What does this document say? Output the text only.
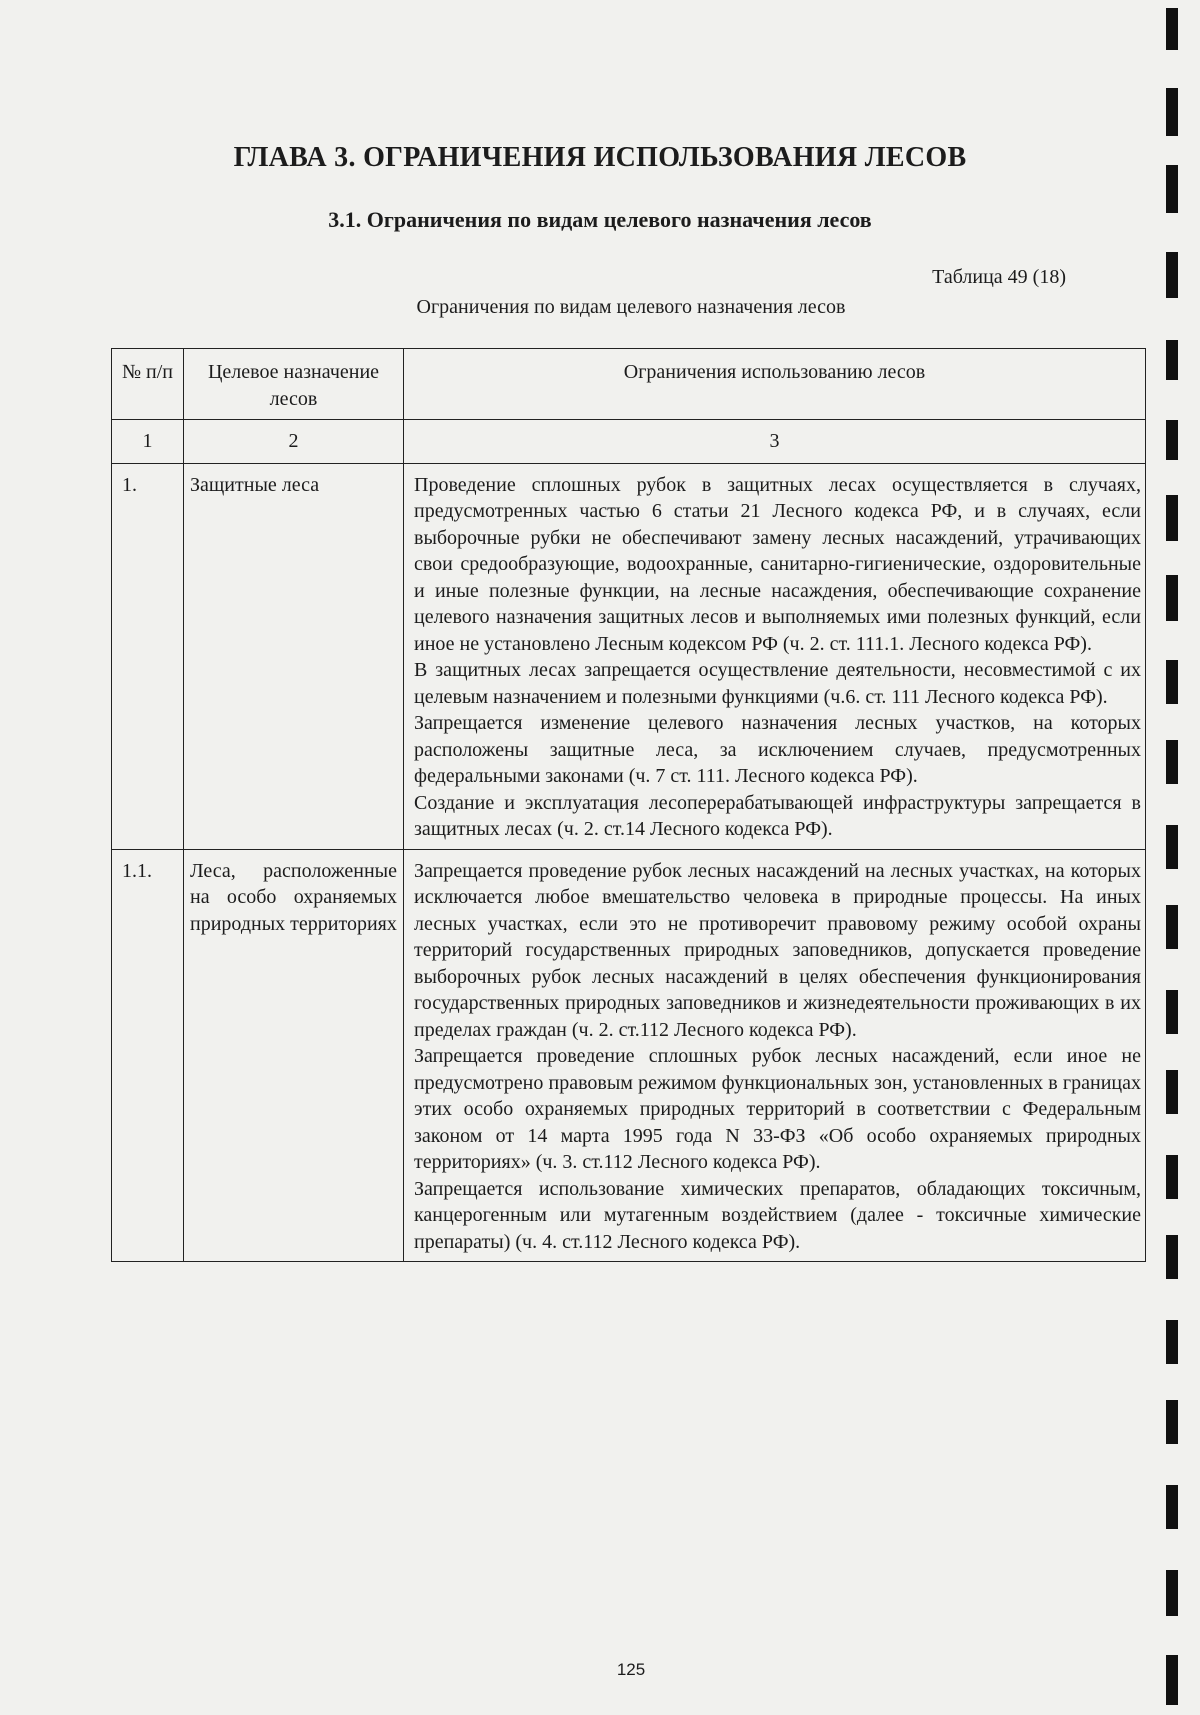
ГЛАВА 3. ОГРАНИЧЕНИЯ ИСПОЛЬЗОВАНИЯ ЛЕСОВ
3.1. Ограничения по видам целевого назначения лесов
Таблица 49 (18)
Ограничения по видам целевого назначения лесов
№ п/п	Целевое назначение лесов	Ограничения использованию лесов
1	2	3
1.	Защитные леса	Проведение сплошных рубок в защитных лесах осуществляется в случаях, предусмотренных частью 6 статьи 21 Лесного кодекса РФ, и в случаях, если выборочные рубки не обеспечивают замену лесных насаждений, утрачивающих свои средообразующие, водоохранные, санитарно-гигиенические, оздоровительные и иные полезные функции, на лесные насаждения, обеспечивающие сохранение целевого назначения защитных лесов и выполняемых ими полезных функций, если иное не установлено Лесным кодексом РФ (ч. 2. ст. 111.1. Лесного кодекса РФ).

В защитных лесах запрещается осуществление деятельности, несовместимой с их целевым назначением и полезными функциями (ч.6. ст. 111 Лесного кодекса РФ).

Запрещается изменение целевого назначения лесных участков, на которых расположены защитные леса, за исключением случаев, предусмотренных федеральными законами (ч. 7 ст. 111. Лесного кодекса РФ).

Создание и эксплуатация лесоперерабатывающей инфраструктуры запрещается в защитных лесах (ч. 2. ст.14 Лесного кодекса РФ).

1.1.	Леса, расположенные на особо охраняемых природных территориях	Запрещается проведение рубок лесных насаждений на лесных участках, на которых исключается любое вмешательство человека в природные процессы. На иных лесных участках, если это не противоречит правовому режиму особой охраны территорий государственных природных заповедников, допускается проведение выборочных рубок лесных насаждений в целях обеспечения функционирования государственных природных заповедников и жизнедеятельности проживающих в их пределах граждан (ч. 2. ст.112 Лесного кодекса РФ).

Запрещается проведение сплошных рубок лесных насаждений, если иное не предусмотрено правовым режимом функциональных зон, установленных в границах этих особо охраняемых природных территорий в соответствии с Федеральным законом от 14 марта 1995 года N 33-ФЗ «Об особо охраняемых природных территориях» (ч. 3. ст.112 Лесного кодекса РФ).

Запрещается использование химических препаратов, обладающих токсичным, канцерогенным или мутагенным воздействием (далее - токсичные химические препараты) (ч. 4. ст.112 Лесного кодекса РФ).

125
